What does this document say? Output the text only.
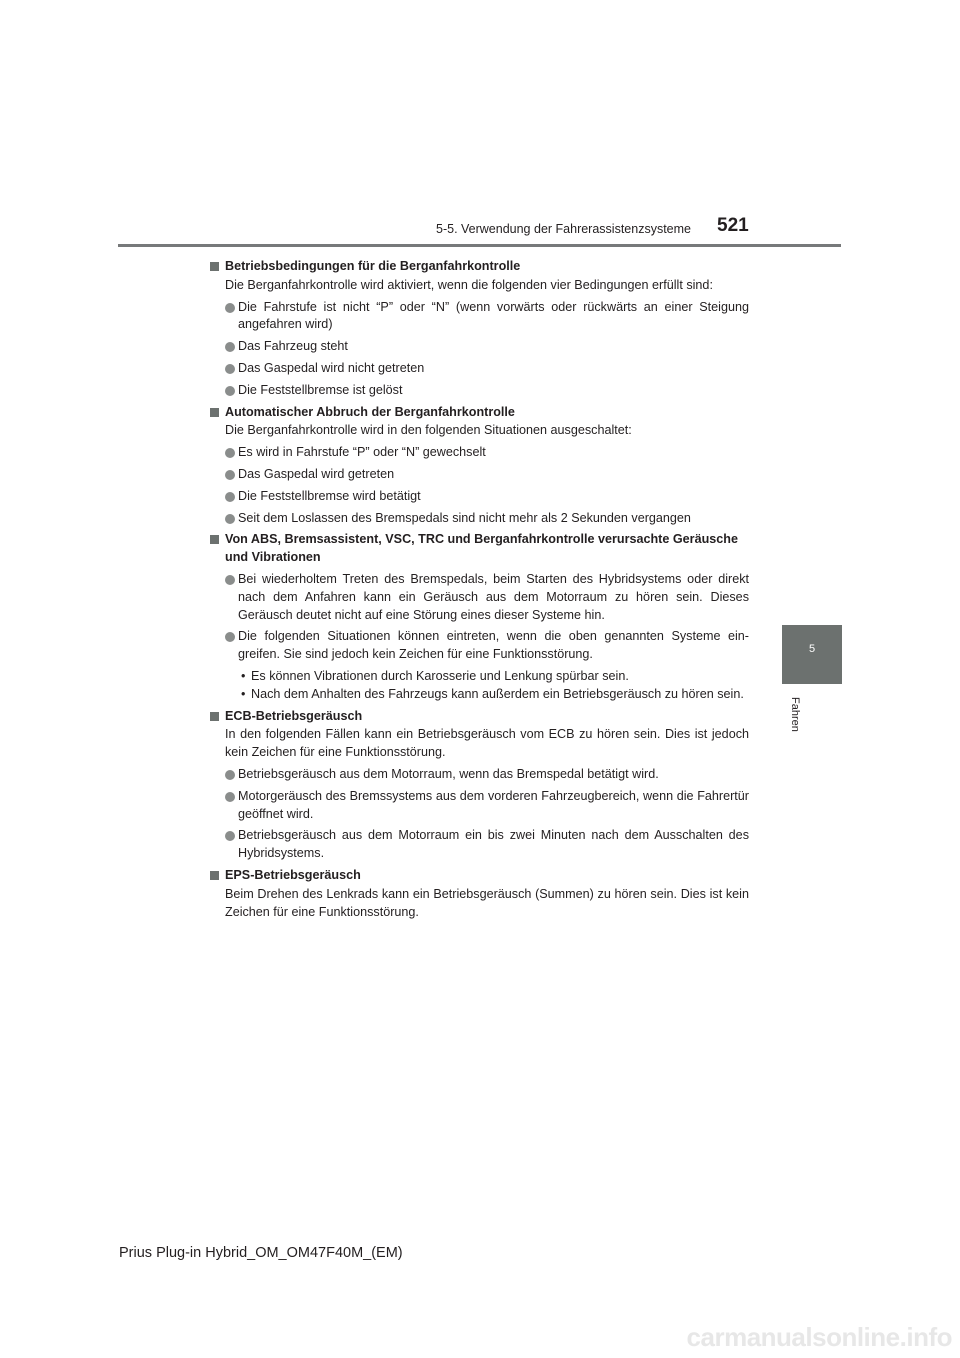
5-5. Verwendung der Fahrerassistenzsysteme 521
5
Fahren
Betriebsbedingungen für die Berganfahrkontrolle
Die Berganfahrkontrolle wird aktiviert, wenn die folgenden vier Bedingungen erfüllt sind:
Die Fahrstufe ist nicht “P” oder “N” (wenn vorwärts oder rückwärts an einer Steigung angefahren wird)
Das Fahrzeug steht
Das Gaspedal wird nicht getreten
Die Feststellbremse ist gelöst
Automatischer Abbruch der Berganfahrkontrolle
Die Berganfahrkontrolle wird in den folgenden Situationen ausgeschaltet:
Es wird in Fahrstufe “P” oder “N” gewechselt
Das Gaspedal wird getreten
Die Feststellbremse wird betätigt
Seit dem Loslassen des Bremspedals sind nicht mehr als 2 Sekunden vergangen
Von ABS, Bremsassistent, VSC, TRC und Berganfahrkontrolle verursachte Geräusche und Vibrationen
Bei wiederholtem Treten des Bremspedals, beim Starten des Hybridsystems oder direkt nach dem Anfahren kann ein Geräusch aus dem Motorraum zu hören sein. Dieses Geräusch deutet nicht auf eine Störung eines dieser Systeme hin.
Die folgenden Situationen können eintreten, wenn die oben genannten Systeme ein-greifen. Sie sind jedoch kein Zeichen für eine Funktionsstörung.
• Es können Vibrationen durch Karosserie und Lenkung spürbar sein.
• Nach dem Anhalten des Fahrzeugs kann außerdem ein Betriebsgeräusch zu hören sein.
ECB-Betriebsgeräusch
In den folgenden Fällen kann ein Betriebsgeräusch vom ECB zu hören sein. Dies ist jedoch kein Zeichen für eine Funktionsstörung.
Betriebsgeräusch aus dem Motorraum, wenn das Bremspedal betätigt wird.
Motorgeräusch des Bremssystems aus dem vorderen Fahrzeugbereich, wenn die Fahrertür geöffnet wird.
Betriebsgeräusch aus dem Motorraum ein bis zwei Minuten nach dem Ausschalten des Hybridsystems.
EPS-Betriebsgeräusch
Beim Drehen des Lenkrads kann ein Betriebsgeräusch (Summen) zu hören sein. Dies ist kein Zeichen für eine Funktionsstörung.
Prius Plug-in Hybrid_OM_OM47F40M_(EM)
carmanualsonline.info
